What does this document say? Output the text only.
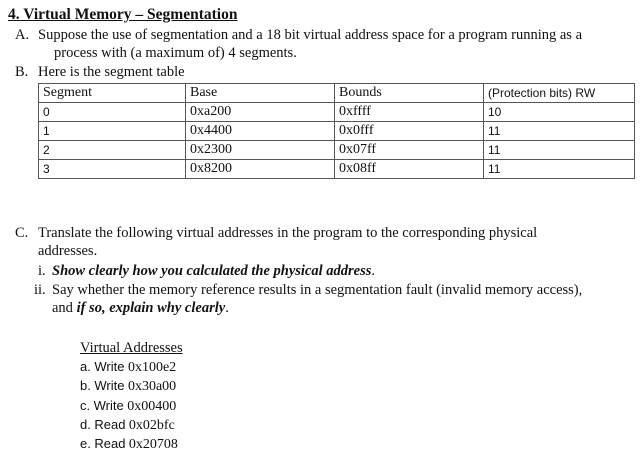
4. Virtual Memory – Segmentation
A. Suppose the use of segmentation and a 18 bit virtual address space for a program running as a
process with (a maximum of) 4 segments.
B. Here is the segment table
Segment	Base	Bounds	(Protection bits) RW
0	0xa200	0xffff	10
1	0x4400	0x0fff	11
2	0x2300	0x07ff	11
3	0x8200	0x08ff	11
C. Translate the following virtual addresses in the program to the corresponding physical
addresses.
i. Show clearly how you calculated the physical address.
ii. Say whether the memory reference results in a segmentation fault (invalid memory access),
and if so, explain why clearly.
Virtual Addresses
a. Write 0x100e2
b. Write 0x30a00
c. Write 0x00400
d. Read 0x02bfc
e. Read 0x20708
